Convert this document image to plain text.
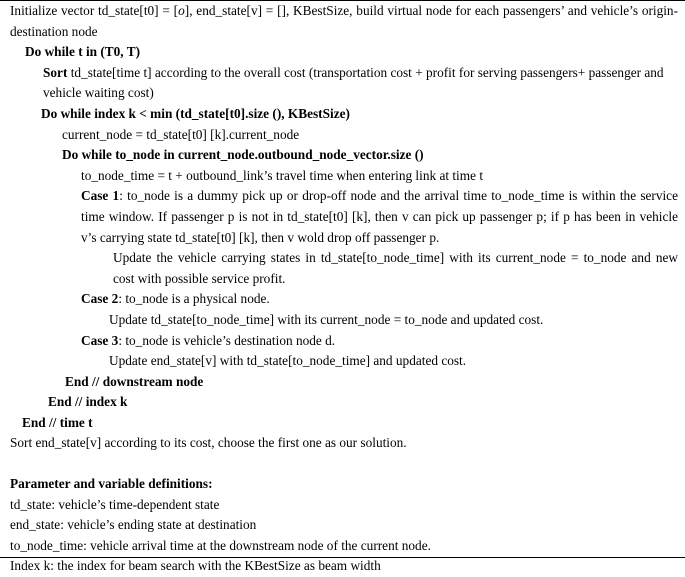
Initialize vector td_state[t0] = [o], end_state[v] = [], KBestSize, build virtual node for each passengers’ and vehicle’s origin-destination node
Do while t in (T0, T)
Sort td_state[time t] according to the overall cost (transportation cost + profit for serving passengers+ passenger and vehicle waiting cost)
Do while index k < min (td_state[t0].size (), KBestSize)
current_node = td_state[t0] [k].current_node
Do while to_node in current_node.outbound_node_vector.size ()
to_node_time = t + outbound_link’s travel time when entering link at time t
Case 1: to_node is a dummy pick up or drop-off node and the arrival time to_node_time is within the service time window. If passenger p is not in td_state[t0] [k], then v can pick up passenger p; if p has been in vehicle v’s carrying state td_state[t0] [k], then v wold drop off passenger p.
Update the vehicle carrying states in td_state[to_node_time] with its current_node = to_node and new cost with possible service profit.
Case 2: to_node is a physical node.
Update td_state[to_node_time] with its current_node = to_node and updated cost.
Case 3: to_node is vehicle’s destination node d.
Update end_state[v] with td_state[to_node_time] and updated cost.
End // downstream node
End // index k
End // time t
Sort end_state[v] according to its cost, choose the first one as our solution.
Parameter and variable definitions:
td_state: vehicle’s time-dependent state
end_state: vehicle’s ending state at destination
to_node_time: vehicle arrival time at the downstream node of the current node.
Index k: the index for beam search with the KBestSize as beam width
